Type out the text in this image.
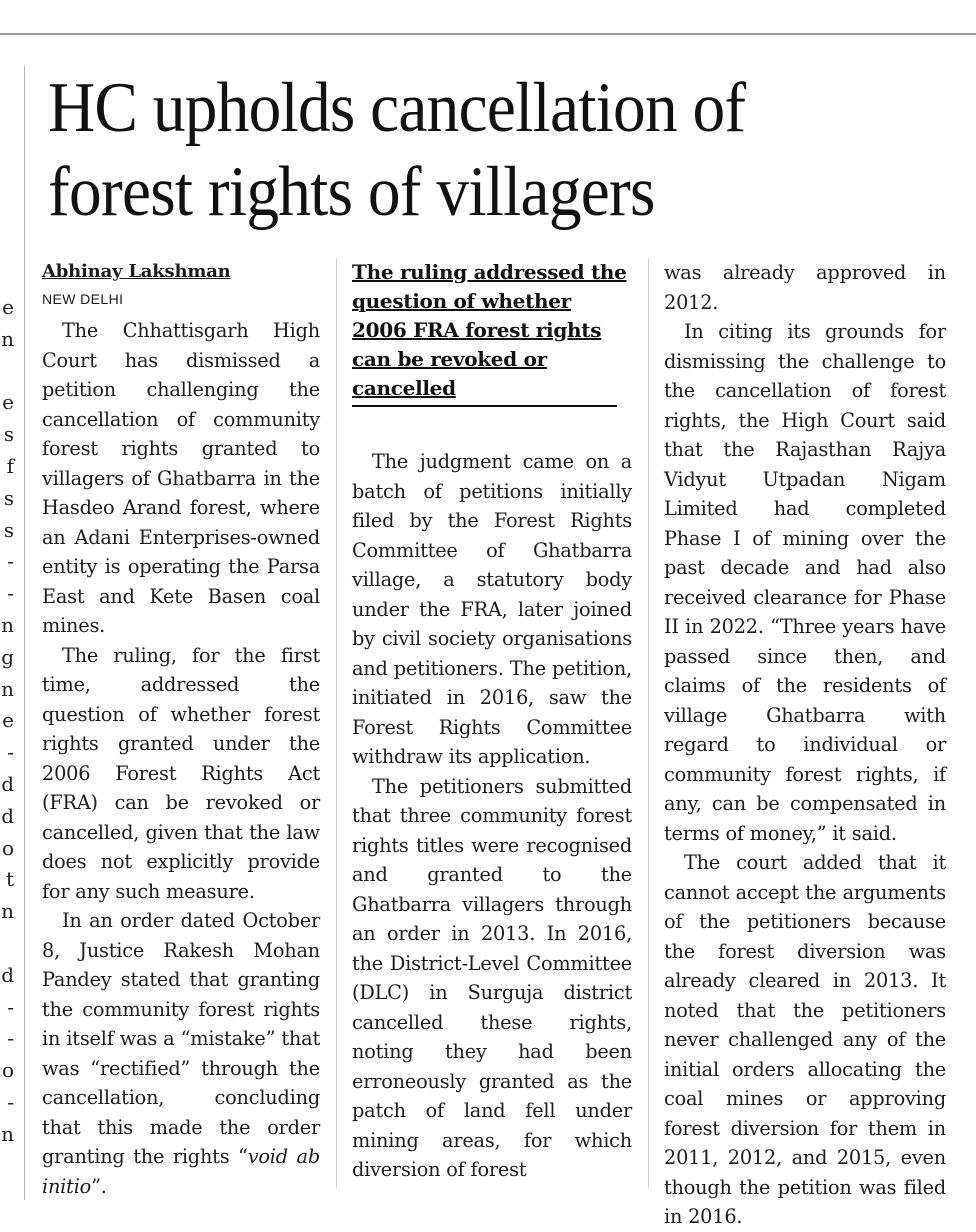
e
n
e
s
f
s
s
-
-
n
g
n
e
-
d
d
o
t
n
d
-
-
o
-
n
HC upholds cancellation of forest rights of villagers
Abhinay Lakshman
NEW DELHI

The Chhattisgarh High Court has dismissed a petition challenging the cancellation of community forest rights granted to villagers of Ghatbarra in the Hasdeo Arand forest, where an Adani Enterprises-owned entity is operating the Parsa East and Kete Basen coal mines.

The ruling, for the first time, addressed the question of whether forest rights granted under the 2006 Forest Rights Act (FRA) can be revoked or cancelled, given that the law does not explicitly provide for any such measure.

In an order dated October 8, Justice Rakesh Mohan Pandey stated that granting the community forest rights in itself was a “mistake” that was “rectified” through the cancellation, concluding that this made the order granting the rights “void ab initio”.

The ruling addressed the question of whether 2006 FRA forest rights can be revoked or cancelled

The judgment came on a batch of petitions initially filed by the Forest Rights Committee of Ghatbarra village, a statutory body under the FRA, later joined by civil society organisations and petitioners. The petition, initiated in 2016, saw the Forest Rights Committee withdraw its application.

The petitioners submitted that three community forest rights titles were recognised and granted to the Ghatbarra villagers through an order in 2013. In 2016, the District-Level Committee (DLC) in Surguja district cancelled these rights, noting they had been erroneously granted as the patch of land fell under mining areas, for which diversion of forest

was already approved in 2012.

In citing its grounds for dismissing the challenge to the cancellation of forest rights, the High Court said that the Rajasthan Rajya Vidyut Utpadan Nigam Limited had completed Phase I of mining over the past decade and had also received clearance for Phase II in 2022. “Three years have passed since then, and claims of the residents of village Ghatbarra with regard to individual or community forest rights, if any, can be compensated in terms of money,” it said.

The court added that it cannot accept the arguments of the petitioners because the forest diversion was already cleared in 2013. It noted that the petitioners never challenged any of the initial orders allocating the coal mines or approving forest diversion for them in 2011, 2012, and 2015, even though the petition was filed in 2016.
